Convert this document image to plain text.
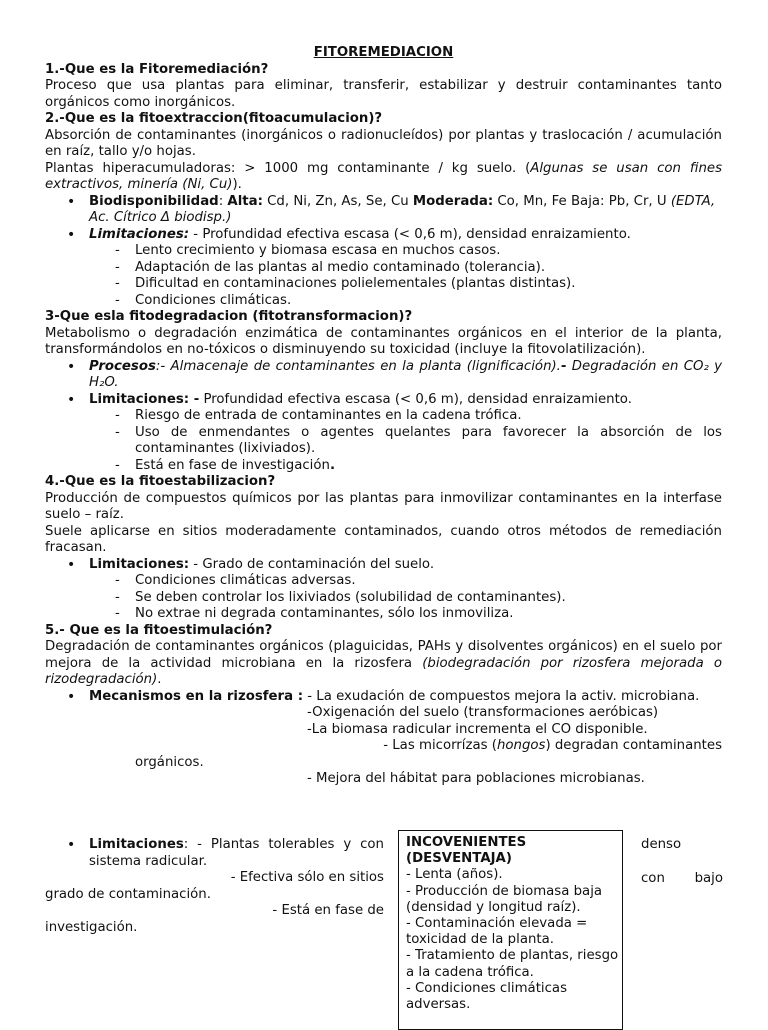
FITOREMEDIACION
1.-Que es la Fitoremediación?
Proceso que usa plantas para eliminar, transferir, estabilizar y destruir contaminantes tanto orgánicos como inorgánicos.
2.-Que es la fitoextraccion(fitoacumulacion)?
Absorción de contaminantes (inorgánicos o radionucleídos) por plantas y traslocación / acumulación en raíz, tallo y/o hojas.
Plantas hiperacumuladoras: > 1000 mg contaminante / kg suelo. (Algunas se usan con fines extractivos, minería (Ni, Cu)).
• Biodisponibilidad: Alta: Cd, Ni, Zn, As, Se, Cu Moderada: Co, Mn, Fe Baja: Pb, Cr, U (EDTA, Ac. Cítrico Δ biodisp.)
• Limitaciones: - Profundidad efectiva escasa (< 0,6 m), densidad enraizamiento.
- Lento crecimiento y biomasa escasa en muchos casos.
- Adaptación de las plantas al medio contaminado (tolerancia).
- Dificultad en contaminaciones polielementales (plantas distintas).
- Condiciones climáticas.
3-Que esla fitodegradacion (fitotransformacion)?
Metabolismo o degradación enzimática de contaminantes orgánicos en el interior de la planta, transformándolos en no-tóxicos o disminuyendo su toxicidad (incluye la fitovolatilización).
• Procesos:- Almacenaje de contaminantes en la planta (lignificación).- Degradación en CO₂ y H₂O.
• Limitaciones: - Profundidad efectiva escasa (< 0,6 m), densidad enraizamiento.
- Riesgo de entrada de contaminantes en la cadena trófica.
- Uso de enmendantes o agentes quelantes para favorecer la absorción de los contaminantes (lixiviados).
- Está en fase de investigación.
4.-Que es la fitoestabilizacion?
Producción de compuestos químicos por las plantas para inmovilizar contaminantes en la interfase suelo – raíz.
Suele aplicarse en sitios moderadamente contaminados, cuando otros métodos de remediación fracasan.
• Limitaciones: - Grado de contaminación del suelo.
- Condiciones climáticas adversas.
- Se deben controlar los lixiviados (solubilidad de contaminantes).
- No extrae ni degrada contaminantes, sólo los inmoviliza.
5.- Que es la fitoestimulación?
Degradación de contaminantes orgánicos (plaguicidas, PAHs y disolventes orgánicos) en el suelo por mejora de la actividad microbiana en la rizosfera (biodegradación por rizosfera mejorada o rizodegradación).
• Mecanismos en la rizosfera : - La exudación de compuestos mejora la activ. microbiana.
-Oxigenación del suelo (transformaciones aeróbicas)
-La biomasa radicular incrementa el CO disponible.
- Las micorrízas (hongos) degradan contaminantes
orgánicos.
- Mejora del hábitat para poblaciones microbianas.
• Limitaciones: - Plantas tolerables y con sistema radicular.
- Efectiva sólo en sitios
grado de contaminación.
- Está en fase de
investigación.
denso
con bajo
INCOVENIENTES (DESVENTAJA)
- Lenta (años).
- Producción de biomasa baja (densidad y longitud raíz).
- Contaminación elevada = toxicidad de la planta.
- Tratamiento de plantas, riesgo a la cadena trófica.
- Condiciones climáticas adversas.
